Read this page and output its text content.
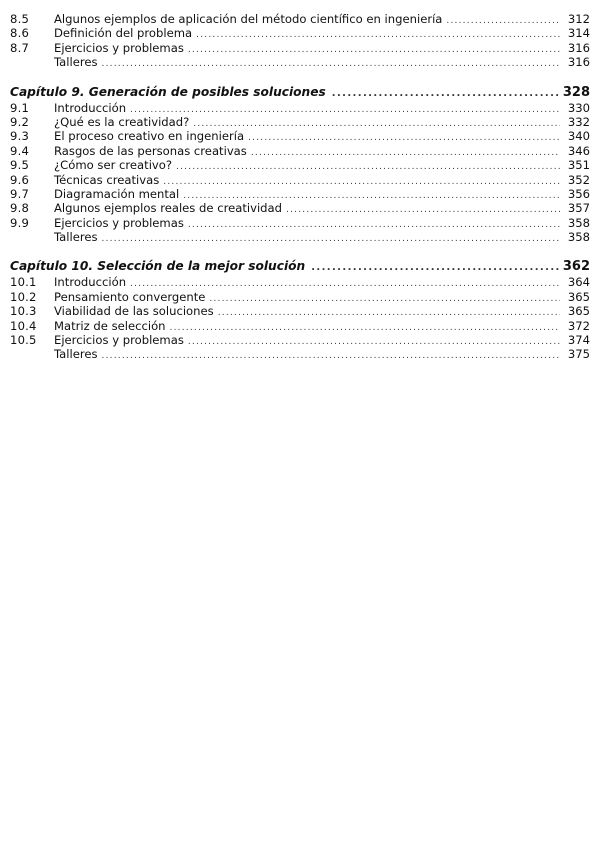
8.5	Algunos ejemplos de aplicación del método científico en ingeniería .....	312
8.6	Definición del problema .....	314
8.7	Ejercicios y problemas .....	316
Talleres .....	316
Capítulo 9. Generación de posibles soluciones .....	328
9.1	Introducción .....	330
9.2	¿Qué es la creatividad? .....	332
9.3	El proceso creativo en ingeniería .....	340
9.4	Rasgos de las personas creativas .....	346
9.5	¿Cómo ser creativo? .....	351
9.6	Técnicas creativas .....	352
9.7	Diagramación mental .....	356
9.8	Algunos ejemplos reales de creatividad .....	357
9.9	Ejercicios y problemas .....	358
Talleres .....	358
Capítulo 10. Selección de la mejor solución .....	362
10.1	Introducción .....	364
10.2	Pensamiento convergente .....	365
10.3	Viabilidad de las soluciones .....	365
10.4	Matriz de selección .....	372
10.5	Ejercicios y problemas .....	374
Talleres .....	375
